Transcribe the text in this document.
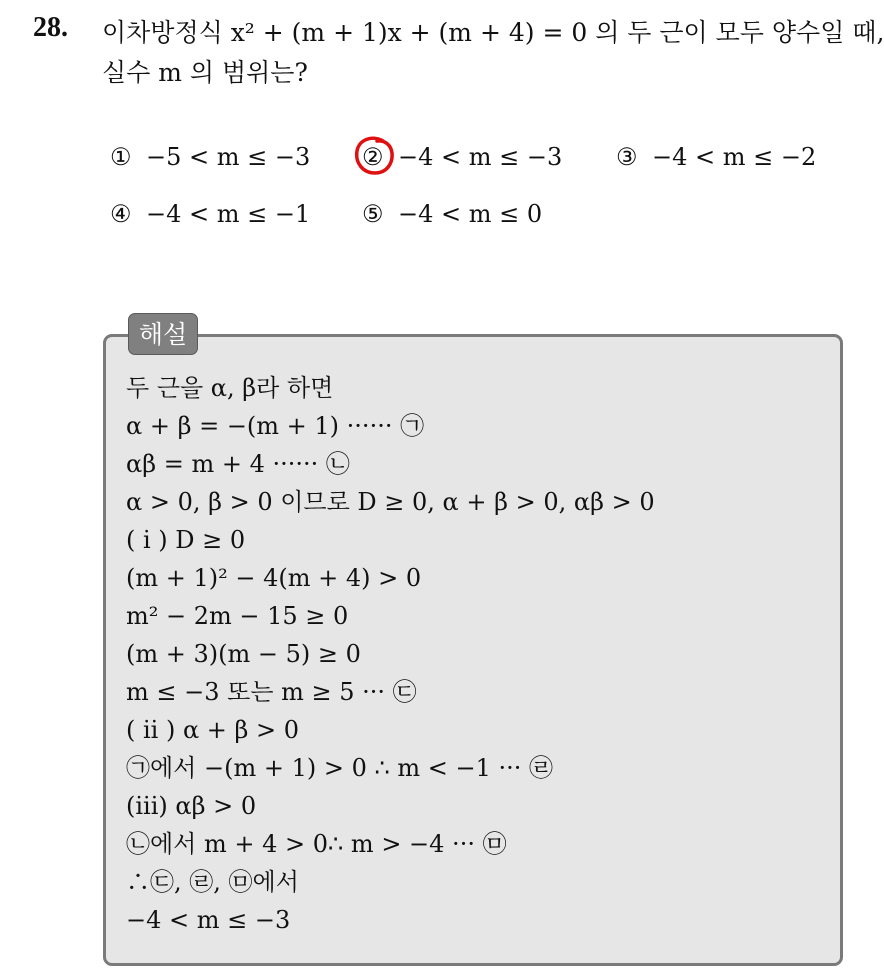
28. 이차방정식 x² + (m + 1)x + (m + 4) = 0 의 두 근이 모두 양수일 때,
실수 m 의 범위는?
① −5 < m ≤ −3 ② −4 < m ≤ −3 ③ −4 < m ≤ −2
④ −4 < m ≤ −1 ⑤ −4 < m ≤ 0
해설
두 근을 α, β라 하면
α + β = −(m + 1) ······ ㉠
αβ = m + 4 ······ ㉡
α > 0, β > 0 이므로 D ≥ 0, α + β > 0, αβ > 0
( i ) D ≥ 0
(m + 1)² − 4(m + 4) > 0
m² − 2m − 15 ≥ 0
(m + 3)(m − 5) ≥ 0
m ≤ −3 또는 m ≥ 5 ··· ㉢
( ii ) α + β > 0
㉠에서 −(m + 1) > 0 ∴ m < −1 ··· ㉣
(iii) αβ > 0
㉡에서 m + 4 > 0∴ m > −4 ··· ㉤
∴㉢, ㉣, ㉤에서
−4 < m ≤ −3
